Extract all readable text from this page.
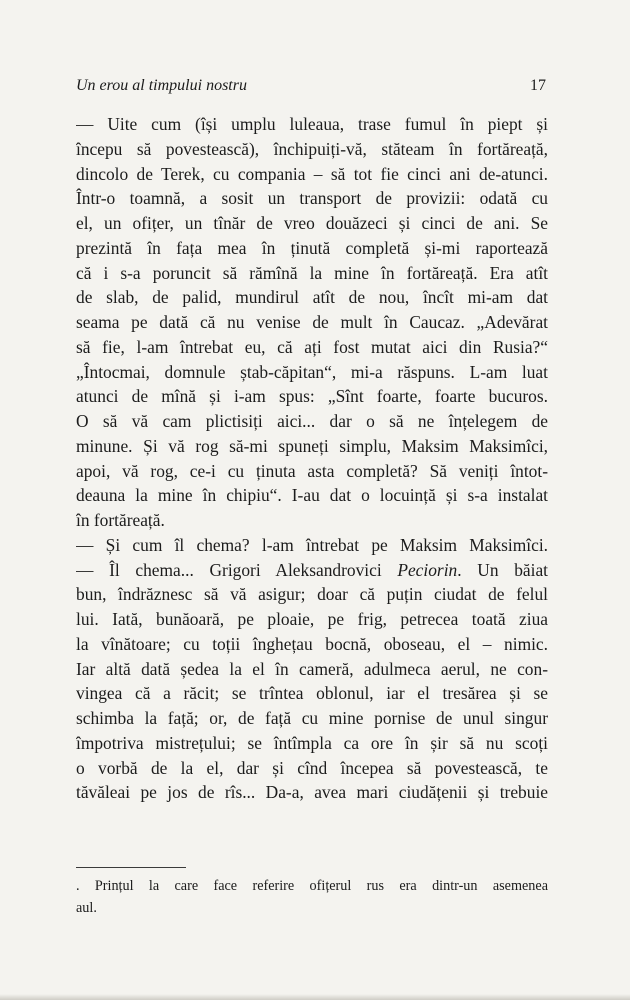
Un erou al timpului nostru	17
— Uite cum (își umplu luleaua, trase fumul în piept și
începu să povestească), închipuiți-vă, stăteam în fortăreață,
dincolo de Terek, cu compania – să tot fie cinci ani de-atunci.
Într-o toamnă, a sosit un transport de provizii: odată cu
el, un ofițer, un tînăr de vreo douăzeci și cinci de ani. Se
prezintă în fața mea în ținută completă și-mi raportează
că i s-a poruncit să rămînă la mine în fortăreață. Era atît
de slab, de palid, mundirul atît de nou, încît mi-am dat
seama pe dată că nu venise de mult în Caucaz. „Adevărat
să fie, l-am întrebat eu, că ați fost mutat aici din Rusia?“
„Întocmai, domnule ștab-căpitan“, mi-a răspuns. L-am luat
atunci de mînă și i-am spus: „Sînt foarte, foarte bucuros.
O să vă cam plictisiți aici... dar o să ne înțelegem de
minune. Și vă rog să-mi spuneți simplu, Maksim Maksimîci,
apoi, vă rog, ce-i cu ținuta asta completă? Să veniți întot-
deauna la mine în chipiu“. I-au dat o locuință și s-a instalat
în fortăreață.
— Și cum îl chema? l-am întrebat pe Maksim Maksimîci.
— Îl chema... Grigori Aleksandrovici Peciorin. Un băiat
bun, îndrăznesc să vă asigur; doar că puțin ciudat de felul
lui. Iată, bunăoară, pe ploaie, pe frig, petrecea toată ziua
la vînătoare; cu toții înghețau bocnă, oboseau, el – nimic.
Iar altă dată ședea la el în cameră, adulmeca aerul, ne con-
vingea că a răcit; se trîntea oblonul, iar el tresărea și se
schimba la față; or, de față cu mine pornise de unul singur
împotriva mistrețului; se întîmpla ca ore în șir să nu scoți
o vorbă de la el, dar și cînd începea să povestească, te
tăvăleai pe jos de rîs... Da-a, avea mari ciudățenii și trebuie
. Prințul la care face referire ofițerul rus era dintr-un asemenea
aul.
